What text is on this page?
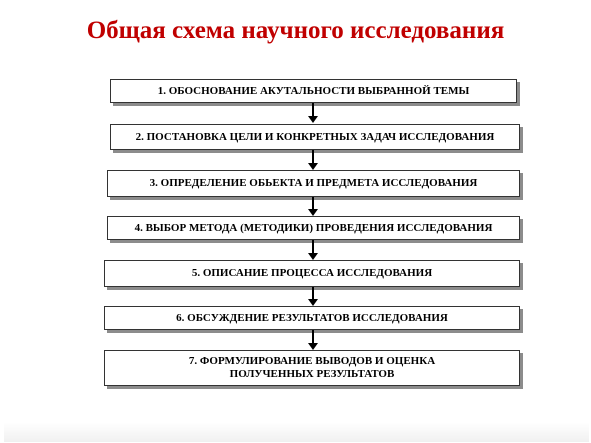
Общая схема научного исследования
1. ОБОСНОВАНИЕ АКУТАЛЬНОСТИ ВЫБРАННОЙ ТЕМЫ
2. ПОСТАНОВКА ЦЕЛИ И КОНКРЕТНЫХ ЗАДАЧ ИССЛЕДОВАНИЯ
3. ОПРЕДЕЛЕНИЕ ОБЬЕКТА И ПРЕДМЕТА ИССЛЕДОВАНИЯ
4. ВЫБОР МЕТОДА (МЕТОДИКИ) ПРОВЕДЕНИЯ ИССЛЕДОВАНИЯ
5. ОПИСАНИЕ ПРОЦЕССА ИССЛЕДОВАНИЯ
6. ОБСУЖДЕНИЕ РЕЗУЛЬТАТОВ ИССЛЕДОВАНИЯ
7. ФОРМУЛИРОВАНИЕ ВЫВОДОВ И ОЦЕНКА ПОЛУЧЕННЫХ РЕЗУЛЬТАТОВ
